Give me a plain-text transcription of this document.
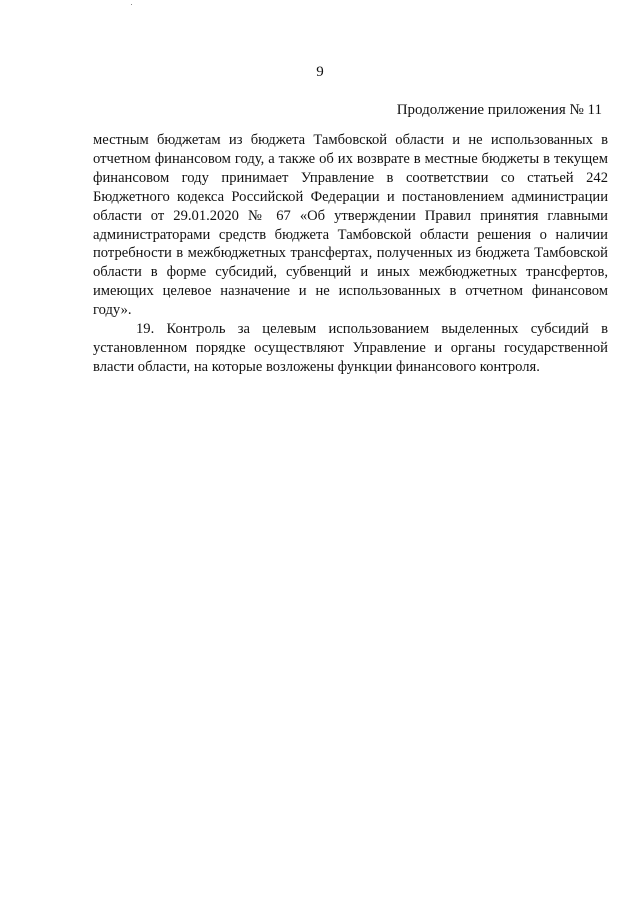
9
Продолжение приложения № 11

местным бюджетам из бюджета Тамбовской области и не использованных в отчетном финансовом году, а также об их возврате в местные бюджеты в текущем финансовом году принимает Управление в соответствии со статьей 242 Бюджетного кодекса Российской Федерации и постановлением администрации области от 29.01.2020 № 67 «Об утверждении Правил принятия главными администраторами средств бюджета Тамбовской области решения о наличии потребности в межбюджетных трансфертах, полученных из бюджета Тамбовской области в форме субсидий, субвенций и иных межбюджетных трансфертов, имеющих целевое назначение и не использованных в отчетном финансовом году».

19. Контроль за целевым использованием выделенных субсидий в установленном порядке осуществляют Управление и органы государственной власти области, на которые возложены функции финансового контроля.
